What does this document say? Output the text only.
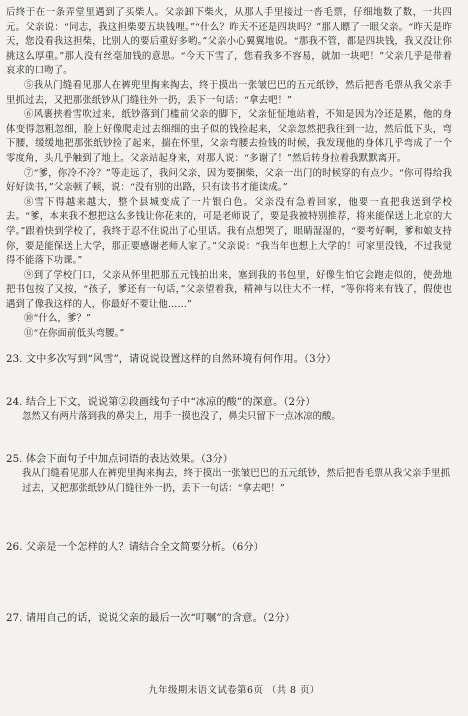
后终于在一条弄堂里遇到了买柴人。父亲卸下柴火，从那人手里接过一沓毛票，仔细地数了数，一共四元。父亲说：“同志，我这担柴要五块钱哩。”“什么？昨天不还是四块吗？”那人瞟了一眼父亲。“昨天是昨天，您没看我这担柴，比别人的要后重好多哟。”父亲小心翼翼地说。“那我不管，都是四块钱，我又没让你挑这么厚重。”那人没有丝毫加钱的意思。“今天下雪了，您看我多不容易，就加一块吧！”父亲几乎是带着哀求的口吻了。

⑤我从门缝看见那人在裤兜里掏来掏去，终于摸出一张皱巴巴的五元纸钞，然后把沓毛票从我父亲手里抓过去，又把那张纸钞从门缝往外一扔，丢下一句话：“拿去吧！”

⑥风裹挟着雪吹过来，纸钞落到门槛前父亲的脚下，父亲怔怔地站着，不知是因为冷还是累，他的身体变得忽粗忽细，脸上好像爬走过去细细的虫子似的钱捡起来，父亲忽然把我往到一边，然后低下头，弯下腰，缓缓地把那张纸钞捡了起来，揣在怀里，父亲弯腰去捡钱的时候，我发现他的身体几乎弯成了一个零度角，头几乎触到了地上。父亲站起身来，对那人说：“多谢了！”然后转身拉着我默默离开。

⑦“爹，你冷不冷？”等走远了，我问父亲，因为要捆柴，父亲一出门的时候穿的有点少。“你可得给我好好读书，”父亲顿了顿，说：“没有别的出路，只有读书才能读成。”

⑧雪下得越来越大，整个县城变成了一片银白色。父亲没有急着回家，他要一直把我送到学校去。“爹，本来我不想把这么多钱让你花来的，可是老师说了，要是我被特别推荐，将来能保送上北京的大学。”跟着快到学校了，我终于忍不住说出了心里话。我有点想哭了，眼睛湿湿的，“要考好啊，爹和娘支持你，要是能保送上大学，那正要感谢老师人家了。”父亲说：“我当年也想上大学的！可家里没钱，不过我觉得不能落下功课。”

⑨到了学校门口，父亲从怀里把那五元钱拍出来，塞到我的书包里，好像生怕它会跑走似的，使劲地把书包按了又按，“孩子，爹还有一句话，”父亲望着我，精神与以往大不一样，“等你将来有钱了，假使也遇到了像我这样的人，你最好不要让他……”

⑩“什么，爹？”

⑪“在你面前低头弯腰。”

23. 文中多次写到“风雪”，请说说设置这样的自然环境有何作用。（3分）

24. 结合上下文，说说第②段画线句子中“冰凉的酸”的深意。（2分）

忽然又有两片落到我的鼻尖上，用手一摸也没了，鼻尖只留下一点冰凉的酸。

25. 体会下面句子中加点词语的表达效果。（3分）

我从门缝看见那人在裤兜里掏来掏去，终于摸出一张皱巴巴的五元纸钞，然后把沓毛票从我父亲手里抓过去，又把那张纸钞从门缝往外一扔，丢下一句话：“拿去吧！”

26. 父亲是一个怎样的人？请结合全文简要分析。（6分）

27. 请用自己的话，说说父亲的最后一次“叮嘱”的含意。（2分）

九年级期末语文试卷第6页 （共 8 页）
